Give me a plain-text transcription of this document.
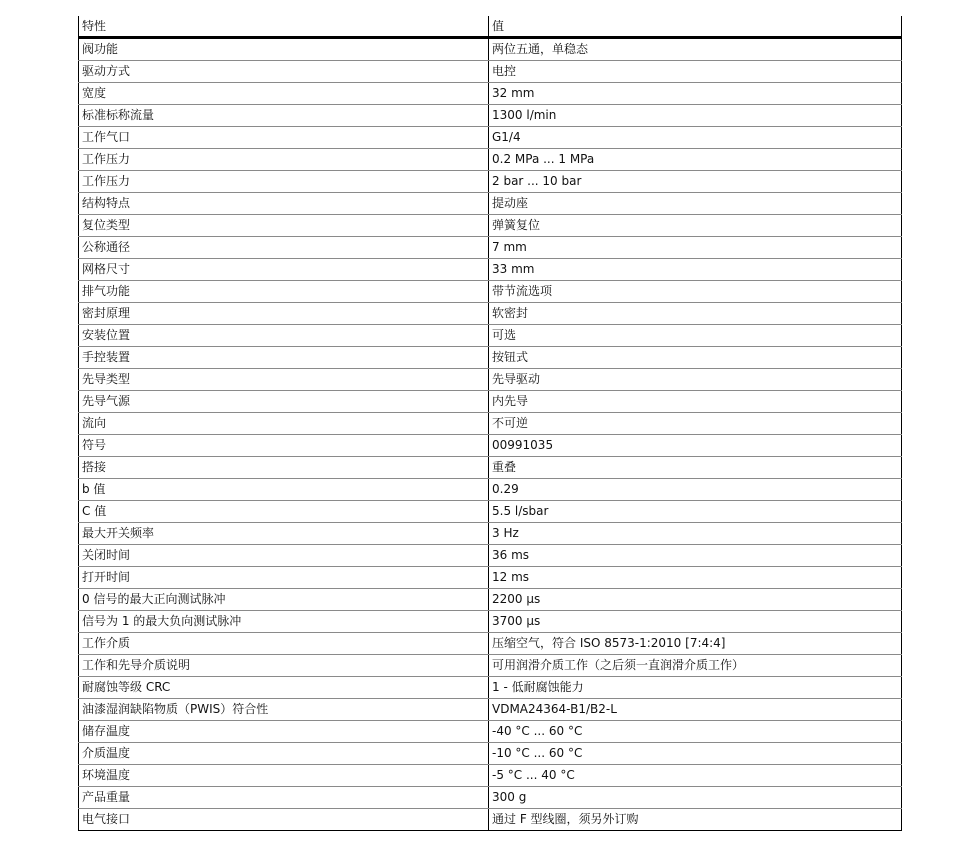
特性	值
阀功能	两位五通，单稳态
驱动方式	电控
宽度	32 mm
标准标称流量	1300 l/min
工作气口	G1/4
工作压力	0.2 MPa ... 1 MPa
工作压力	2 bar ... 10 bar
结构特点	提动座
复位类型	弹簧复位
公称通径	7 mm
网格尺寸	33 mm
排气功能	带节流选项
密封原理	软密封
安装位置	可选
手控装置	按钮式
先导类型	先导驱动
先导气源	内先导
流向	不可逆
符号	00991035
搭接	重叠
b 值	0.29
C 值	5.5 l/sbar
最大开关频率	3 Hz
关闭时间	36 ms
打开时间	12 ms
0 信号的最大正向测试脉冲	2200 µs
信号为 1 的最大负向测试脉冲	3700 µs
工作介质	压缩空气，符合 ISO 8573-1:2010 [7:4:4]
工作和先导介质说明	可用润滑介质工作（之后须一直润滑介质工作）
耐腐蚀等级 CRC	1 - 低耐腐蚀能力
油漆湿润缺陷物质（PWIS）符合性	VDMA24364-B1/B2-L
储存温度	-40 °C ... 60 °C
介质温度	-10 °C ... 60 °C
环境温度	-5 °C ... 40 °C
产品重量	300 g
电气接口	通过 F 型线圈，须另外订购
